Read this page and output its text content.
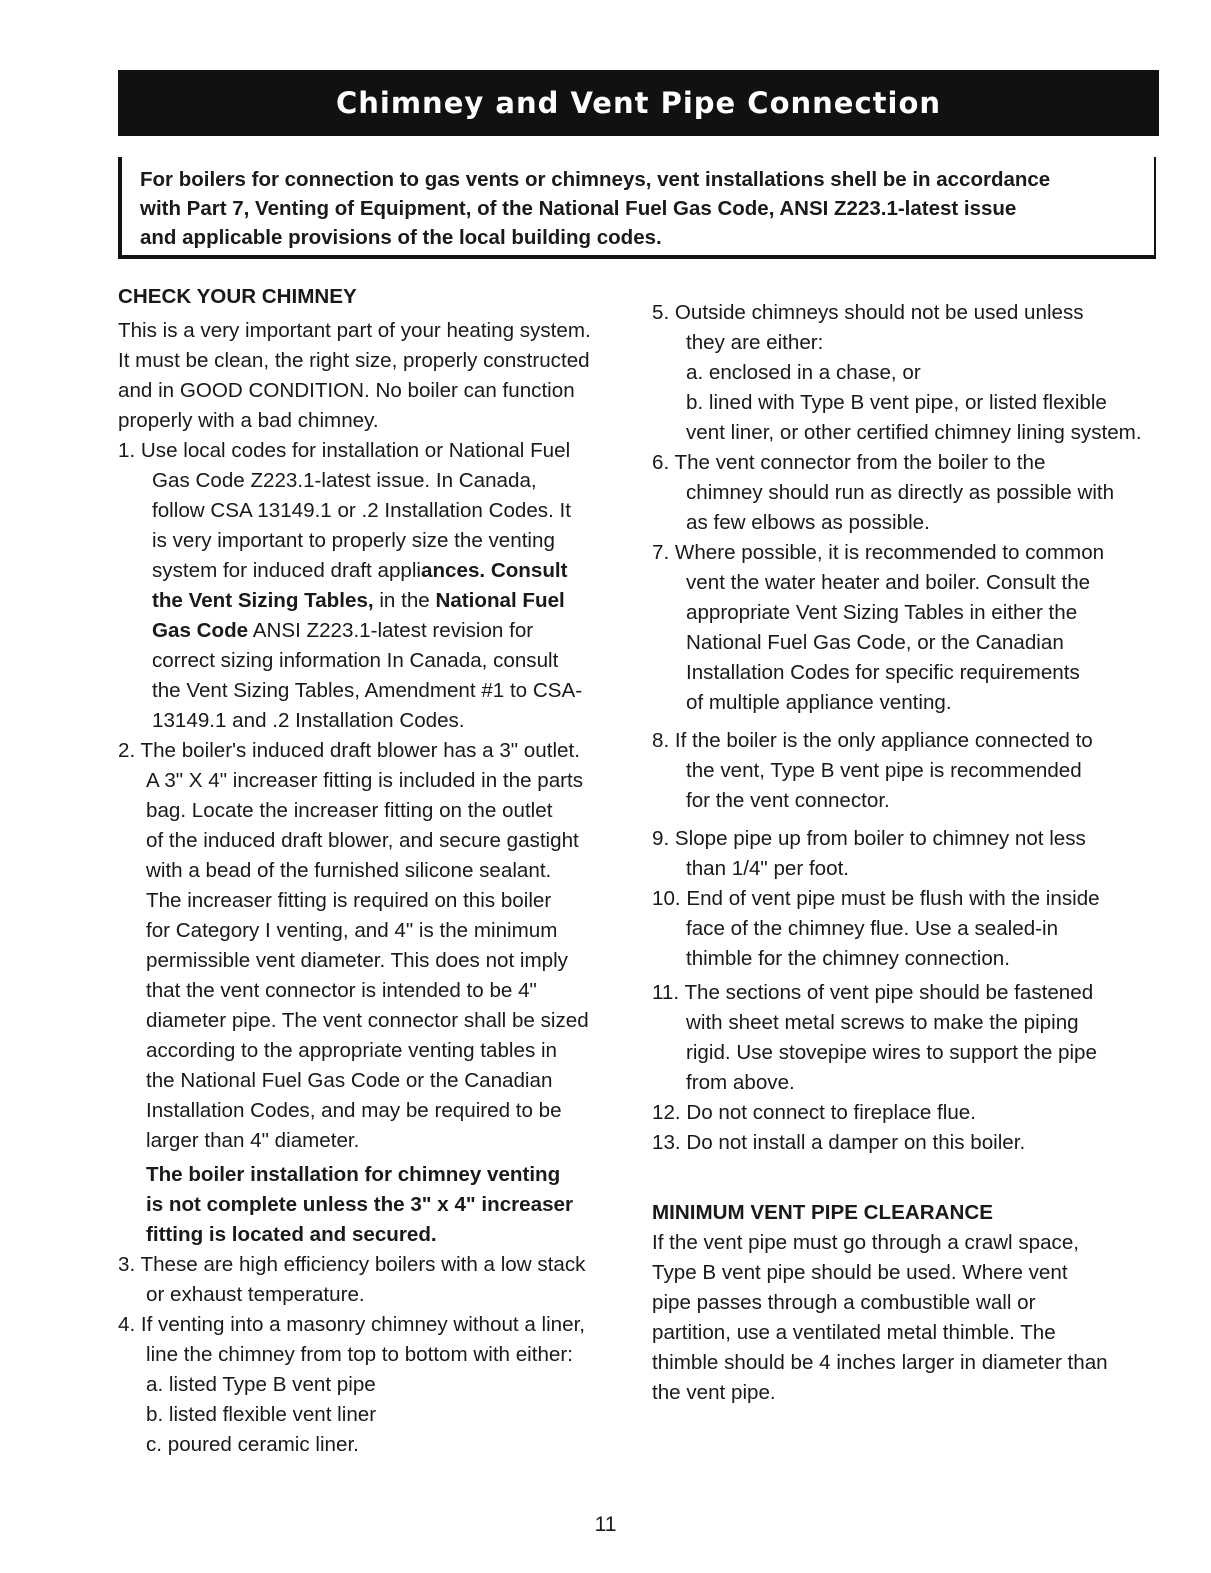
Chimney and Vent Pipe Connection
For boilers for connection to gas vents or chimneys, vent installations shell be in accordance
with Part 7, Venting of Equipment, of the National Fuel Gas Code, ANSI Z223.1-latest issue
and applicable provisions of the local building codes.
CHECK YOUR CHIMNEY
This is a very important part of your heating system.
It must be clean, the right size, properly constructed
and in GOOD CONDITION. No boiler can function
properly with a bad chimney.
1. Use local codes for installation or National Fuel
Gas Code Z223.1-latest issue. In Canada,
follow CSA 13149.1 or .2 Installation Codes. It
is very important to properly size the venting
system for induced draft appliances. Consult
the Vent Sizing Tables, in the National Fuel
Gas Code ANSI Z223.1-latest revision for
correct sizing information In Canada, consult
the Vent Sizing Tables, Amendment #1 to CSA-
13149.1 and .2 Installation Codes.
2. The boiler's induced draft blower has a 3" outlet.
A 3" X 4" increaser fitting is included in the parts
bag. Locate the increaser fitting on the outlet
of the induced draft blower, and secure gastight
with a bead of the furnished silicone sealant.
The increaser fitting is required on this boiler
for Category I venting, and 4" is the minimum
permissible vent diameter. This does not imply
that the vent connector is intended to be 4"
diameter pipe. The vent connector shall be sized
according to the appropriate venting tables in
the National Fuel Gas Code or the Canadian
Installation Codes, and may be required to be
larger than 4" diameter.
The boiler installation for chimney venting
is not complete unless the 3" x 4" increaser
fitting is located and secured.
3. These are high efficiency boilers with a low stack
or exhaust temperature.
4. If venting into a masonry chimney without a liner,
line the chimney from top to bottom with either:
a. listed Type B vent pipe
b. listed flexible vent liner
c. poured ceramic liner.
5. Outside chimneys should not be used unless
they are either:
a. enclosed in a chase, or
b. lined with Type B vent pipe, or listed flexible
vent liner, or other certified chimney lining system.
6. The vent connector from the boiler to the
chimney should run as directly as possible with
as few elbows as possible.
7. Where possible, it is recommended to common
vent the water heater and boiler. Consult the
appropriate Vent Sizing Tables in either the
National Fuel Gas Code, or the Canadian
Installation Codes for specific requirements
of multiple appliance venting.
8. If the boiler is the only appliance connected to
the vent, Type B vent pipe is recommended
for the vent connector.
9. Slope pipe up from boiler to chimney not less
than 1/4" per foot.
10. End of vent pipe must be flush with the inside
face of the chimney flue. Use a sealed-in
thimble for the chimney connection.
11. The sections of vent pipe should be fastened
with sheet metal screws to make the piping
rigid. Use stovepipe wires to support the pipe
from above.
12. Do not connect to fireplace flue.
13. Do not install a damper on this boiler.
MINIMUM VENT PIPE CLEARANCE
If the vent pipe must go through a crawl space,
Type B vent pipe should be used. Where vent
pipe passes through a combustible wall or
partition, use a ventilated metal thimble. The
thimble should be 4 inches larger in diameter than
the vent pipe.
11
